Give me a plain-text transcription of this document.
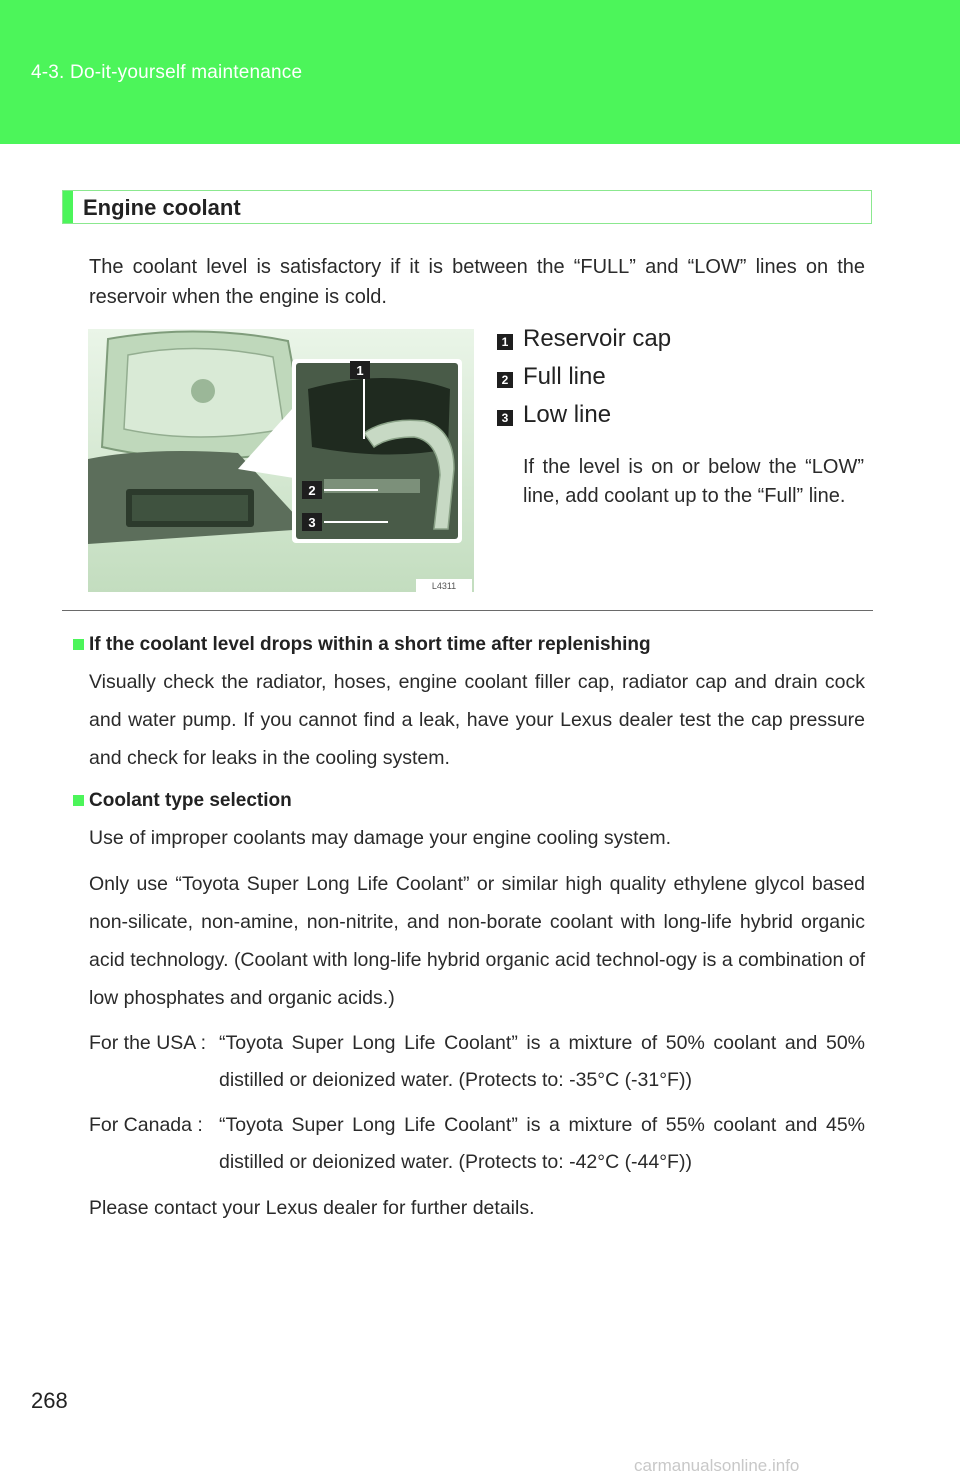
4-3. Do-it-yourself maintenance
Engine coolant
The coolant level is satisfactory if it is between the “FULL” and “LOW” lines on the reservoir when the engine is cold.
1
2
3
L4311
1 Reservoir cap
2 Full line
3 Low line
If the level is on or below the “LOW” line, add coolant up to the “Full” line.
If the coolant level drops within a short time after replenishing

Visually check the radiator, hoses, engine coolant filler cap, radiator cap and drain cock and water pump. If you cannot find a leak, have your Lexus dealer test the cap pressure and check for leaks in the cooling system.

Coolant type selection

Use of improper coolants may damage your engine cooling system.

Only use “Toyota Super Long Life Coolant” or similar high quality ethylene glycol based non-silicate, non-amine, non-nitrite, and non-borate coolant with long-life hybrid organic acid technology. (Coolant with long-life hybrid organic acid technol-ogy is a combination of low phosphates and organic acids.)

For the USA : “Toyota Super Long Life Coolant” is a mixture of 50% coolant and 50% distilled or deionized water. (Protects to: -35°C (-31°F))
For Canada : “Toyota Super Long Life Coolant” is a mixture of 55% coolant and 45% distilled or deionized water. (Protects to: -42°C (-44°F))

Please contact your Lexus dealer for further details.

268
carmanualsonline.info
